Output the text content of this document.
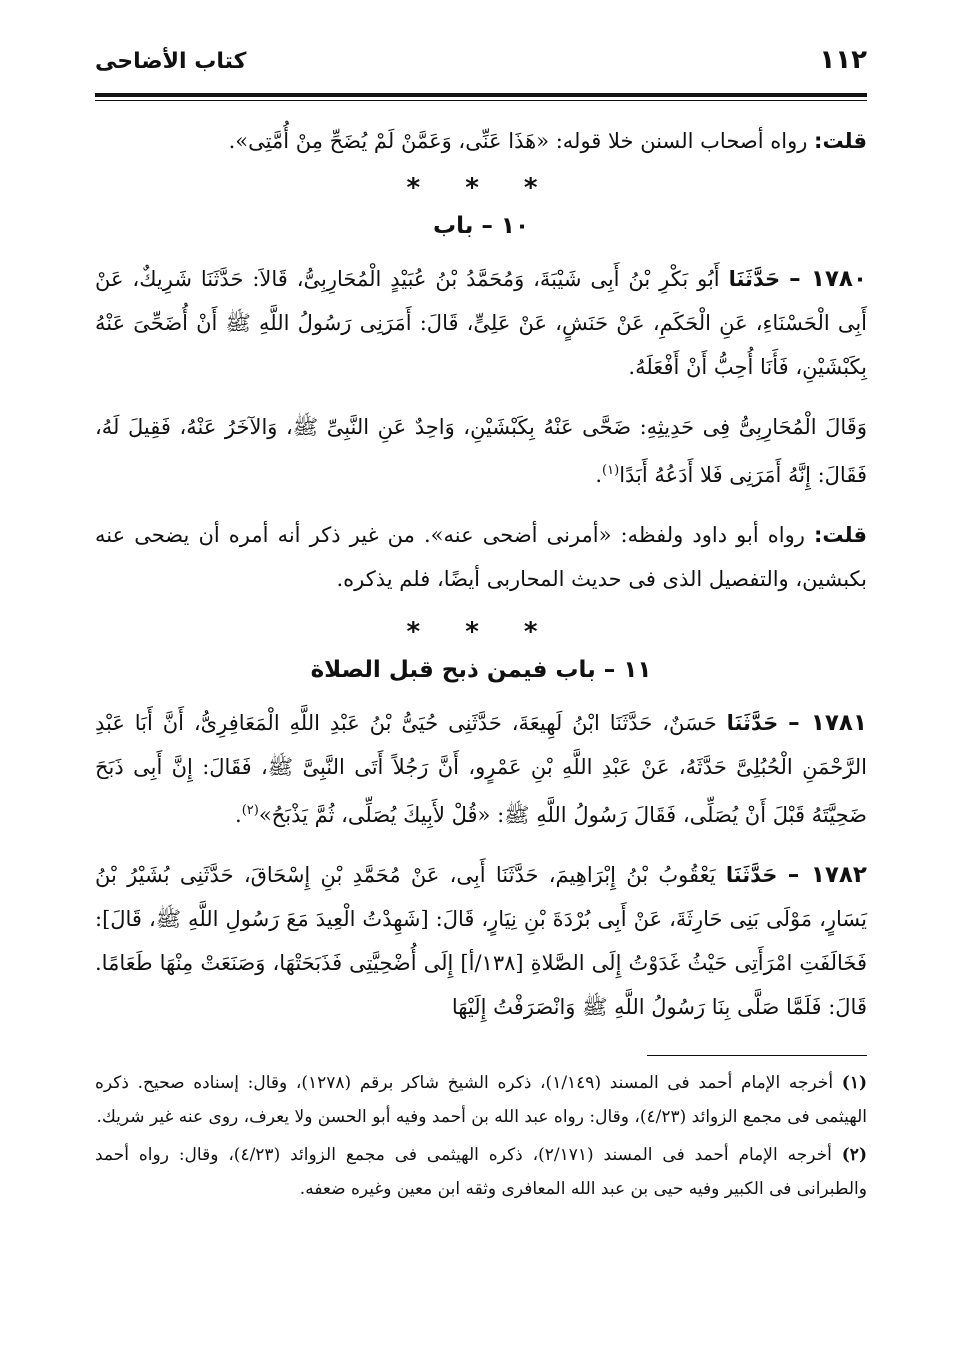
١١٢
كتاب الأضاحى

قلت: رواه أصحاب السنن خلا قوله: «هَذَا عَنِّى، وَعَمَّنْ لَمْ يُضَحِّ مِنْ أُمَّتِى».

* * *
١٠ – باب

١٧٨٠ – حَدَّثَنَا أَبُو بَكْرِ بْنُ أَبِى شَيْبَةَ، وَمُحَمَّدُ بْنُ عُبَيْدٍ الْمُحَارِبِىُّ، قَالاَ: حَدَّثَنَا شَرِيكٌ، عَنْ أَبِى الْحَسْنَاءِ، عَنِ الْحَكَمِ، عَنْ حَنَشٍ، عَنْ عَلِىٍّ، قَالَ: أَمَرَنِى رَسُولُ اللَّهِ ﷺ أَنْ أُضَحِّىَ عَنْهُ بِكَبْشَيْنِ، فَأَنَا أُحِبُّ أَنْ أَفْعَلَهُ.

وَقَالَ الْمُحَارِبِىُّ فِى حَدِيثِهِ: ضَحَّى عَنْهُ بِكَبْشَيْنِ، وَاحِدٌ عَنِ النَّبِىِّ ﷺ، وَالآخَرُ عَنْهُ، فَقِيلَ لَهُ، فَقَالَ: إِنَّهُ أَمَرَنِى فَلا أَدَعُهُ أَبَدًا$^{(١)}$.

قلت: رواه أبو داود ولفظه: «أمرنى أضحى عنه». من غير ذكر أنه أمره أن يضحى عنه بكبشين، والتفصيل الذى فى حديث المحاربى أيضًا، فلم يذكره.

* * *
١١ – باب فيمن ذبح قبل الصلاة

١٧٨١ – حَدَّثَنَا حَسَنٌ، حَدَّثَنَا ابْنُ لَهِيعَةَ، حَدَّثَنِى حُيَىُّ بْنُ عَبْدِ اللَّهِ الْمَعَافِرِىُّ، أَنَّ أَبَا عَبْدِ الرَّحْمَنِ الْحُبُلِىَّ حَدَّثَهُ، عَنْ عَبْدِ اللَّهِ بْنِ عَمْرٍو، أَنَّ رَجُلاً أَتَى النَّبِىَّ ﷺ، فَقَالَ: إِنَّ أَبِى ذَبَحَ ضَحِيَّتَهُ قَبْلَ أَنْ يُصَلِّى، فَقَالَ رَسُولُ اللَّهِ ﷺ: «قُلْ لأَبِيكَ يُصَلِّى، ثُمَّ يَذْبَحُ»$^{(٢)}$.

١٧٨٢ – حَدَّثَنَا يَعْقُوبُ بْنُ إِبْرَاهِيمَ، حَدَّثَنَا أَبِى، عَنْ مُحَمَّدِ بْنِ إِسْحَاقَ، حَدَّثَنِى بُشَيْرُ بْنُ يَسَارٍ، مَوْلَى بَنِى حَارِثَةَ، عَنْ أَبِى بُرْدَةَ بْنِ نِيَارٍ، قَالَ: [شَهِدْتُ الْعِيدَ مَعَ رَسُولِ اللَّهِ ﷺ، قَالَ]: فَخَالَفَتِ امْرَأَتِى حَيْثُ غَدَوْتُ إِلَى الصَّلاةِ [١٣٨/أ] إِلَى أُضْحِيَّتِى فَذَبَحَتْهَا، وَصَنَعَتْ مِنْهَا طَعَامًا. قَالَ: فَلَمَّا صَلَّى بِنَا رَسُولُ اللَّهِ ﷺ وَانْصَرَفْتُ إِلَيْهَا

(١) أخرجه الإمام أحمد فى المسند (١/١٤٩)، ذكره الشيخ شاكر برقم (١٢٧٨)، وقال: إسناده صحيح. ذكره الهيثمى فى مجمع الزوائد (٤/٢٣)، وقال: رواه عبد الله بن أحمد وفيه أبو الحسن ولا يعرف، روى عنه غير شريك.

(٢) أخرجه الإمام أحمد فى المسند (٢/١٧١)، ذكره الهيثمى فى مجمع الزوائد (٤/٢٣)، وقال: رواه أحمد والطبرانى فى الكبير وفيه حيى بن عبد الله المعافرى وثقه ابن معين وغيره ضعفه.
